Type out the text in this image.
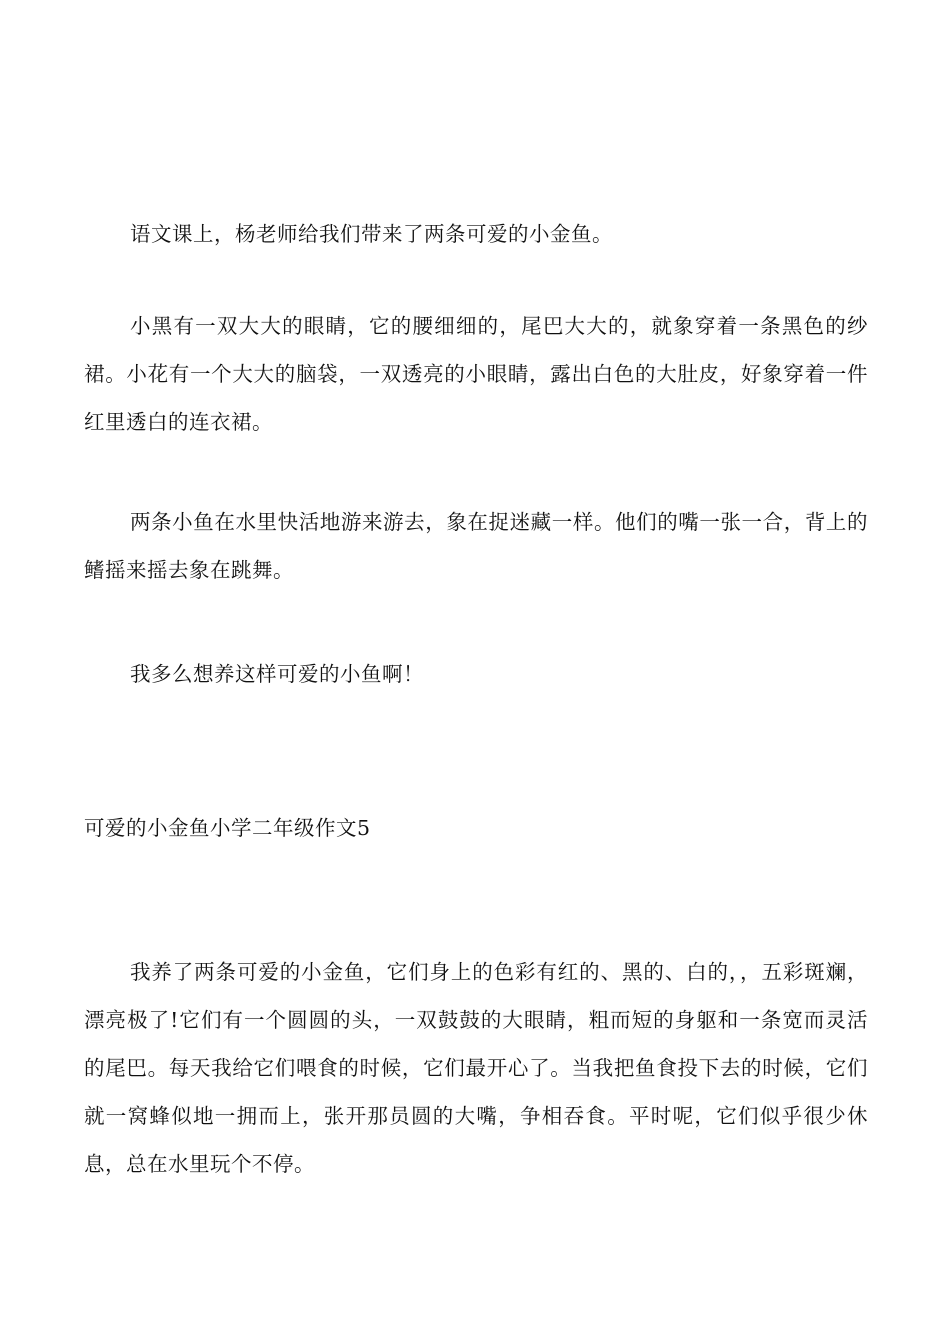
语文课上，杨老师给我们带来了两条可爱的小金鱼。

小黑有一双大大的眼睛，它的腰细细的，尾巴大大的，就象穿着一条黑色的纱裙。小花有一个大大的脑袋，一双透亮的小眼睛，露出白色的大肚皮，好象穿着一件红里透白的连衣裙。

两条小鱼在水里快活地游来游去，象在捉迷藏一样。他们的嘴一张一合，背上的鳍摇来摇去象在跳舞。

我多么想养这样可爱的小鱼啊！

可爱的小金鱼小学二年级作文5

我养了两条可爱的小金鱼，它们身上的色彩有红的、黑的、白的，，五彩斑斓，漂亮极了!它们有一个圆圆的头，一双鼓鼓的大眼睛，粗而短的身躯和一条宽而灵活的尾巴。每天我给它们喂食的时候，它们最开心了。当我把鱼食投下去的时候，它们就一窝蜂似地一拥而上，张开那员圆的大嘴，争相吞食。平时呢，它们似乎很少休息，总在水里玩个不停。
